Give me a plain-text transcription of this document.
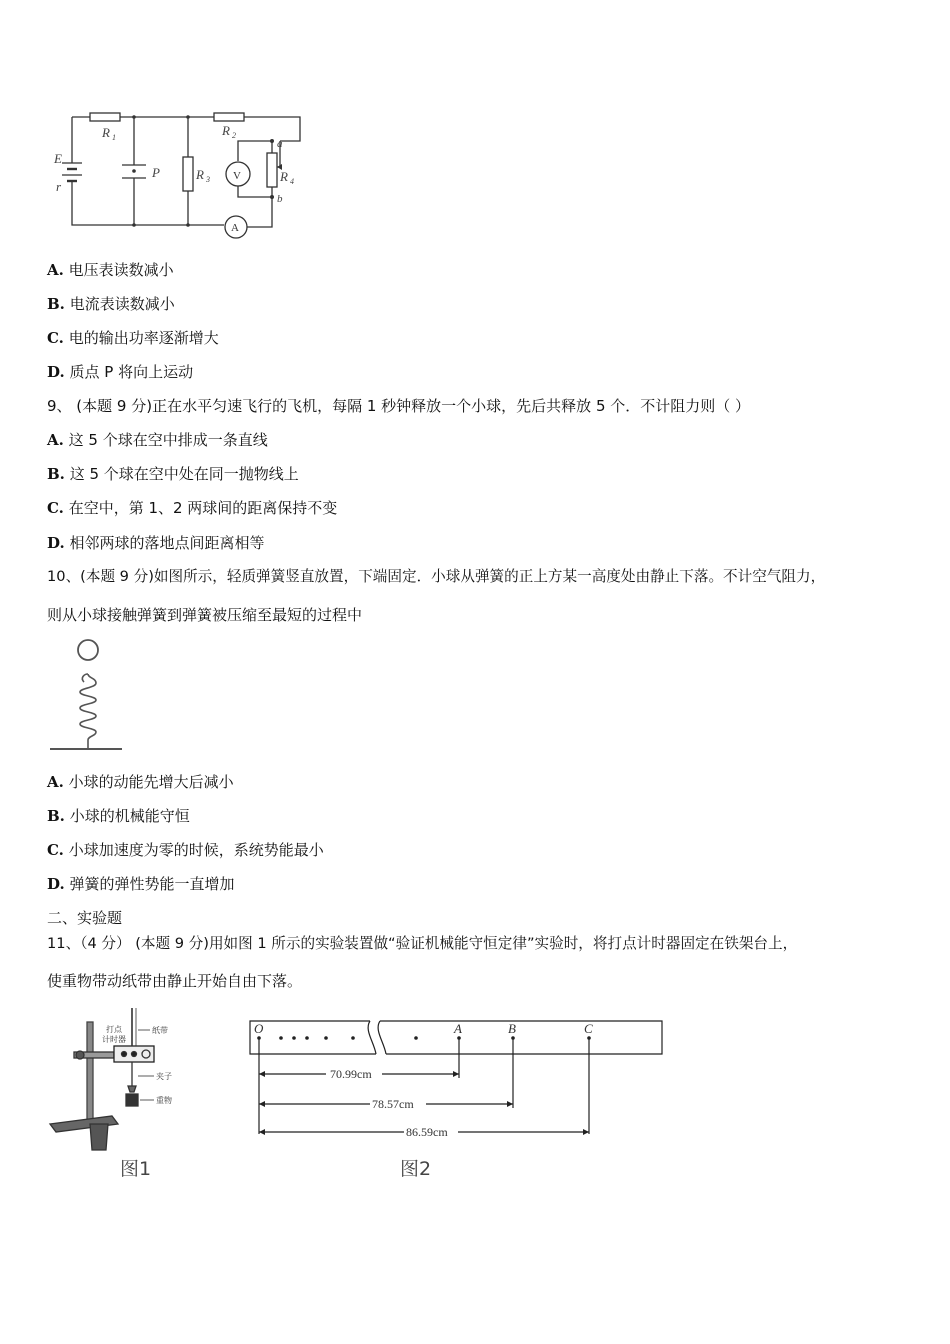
E
r
R 1	R 2
R 3	R 4
P
a
b
V
A
A. 电压表读数减小
B. 电流表读数减小
C. 电的输出功率逐渐增大
D. 质点 P 将向上运动
9、 (本题 9 分)正在水平匀速飞行的飞机，每隔 1 秒钟释放一个小球，先后共释放 5 个．不计阻力则（ ）
A. 这 5 个球在空中排成一条直线
B. 这 5 个球在空中处在同一抛物线上
C. 在空中，第 1、2 两球间的距离保持不变
D. 相邻两球的落地点间距离相等
10、(本题 9 分)如图所示，轻质弹簧竖直放置，下端固定．小球从弹簧的正上方某一高度处由静止下落。不计空气阻力，
则从小球接触弹簧到弹簧被压缩至最短的过程中
A. 小球的动能先增大后减小
B. 小球的机械能守恒
C. 小球加速度为零的时候，系统势能最小
D. 弹簧的弹性势能一直增加
二、实验题
11、（4 分） (本题 9 分)用如图 1 所示的实验装置做“验证机械能守恒定律”实验时，将打点计时器固定在铁架台上，
使重物带动纸带由静止开始自由下落。
打点
计时器
纸带
夹子
重物
图1
O	A	B	C
70.99cm
78.57cm
86.59cm
图2
